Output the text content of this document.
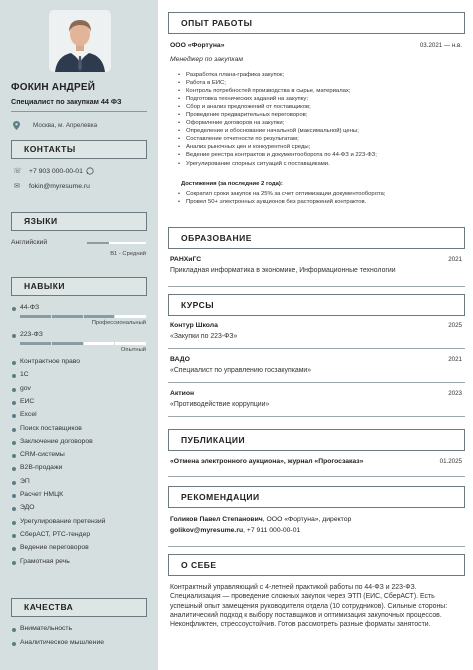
ФОКИН АНДРЕЙ
Специалист по закупкам 44 ФЗ
Москва, м. Апрелевка
КОНТАКТЫ
☏ +7 903 000-00-01
✉ fokin@myresume.ru
ЯЗЫКИ
Английский
B1 - Средний
НАВЫКИ
44-ФЗ
Профессиональный
223-ФЗ
Опытный
Контрактное право
1С
gov
ЕИС
Excel
Поиск поставщиков
Заключение договоров
CRM-системы
B2B-продажи
ЭП
Расчет НМЦК
ЭДО
Урегулирование претензий
СберАСТ, РТС-тендер
Ведение переговоров
Грамотная речь
КАЧЕСТВА
Внимательность
Аналитическое мышление
ОПЫТ РАБОТЫ
ООО «Фортуна»	03.2021 — н.в.
Менеджер по закупкам
• Разработка плана-графика закупок;
• Работа в ЕИС;
• Контроль потребностей производства в сырье, материалах;
• Подготовка технических заданий на закупку;
• Сбор и анализ предложений от поставщиков;
• Проведение предварительных переговоров;
• Оформление договоров на закупки;
• Определение и обоснование начальной (максимальной) цены;
• Составление отчетности по результатам;
• Анализ рыночных цен и конкурентной среды;
• Ведение реестра контрактов и документооборота по 44-ФЗ и 223-ФЗ;
• Урегулирование спорных ситуаций с поставщиками.
Достижения (за последние 2 года):
• Сократил сроки закупок на 25% за счет оптимизации документооборота;
• Провел 50+ электронных аукционов без расторжений контрактов.
ОБРАЗОВАНИЕ
РАНХиГС	2021
Прикладная информатика в экономике, Информационные технологии
КУРСЫ
Контур Школа	2025
«Закупки по 223-ФЗ»
ВАДО	2021
«Специалист по управлению госзакупками»
Актион	2023
«Противодействие коррупции»
ПУБЛИКАЦИИ
«Отмена электронного аукциона», журнал «Прогосзаказ»	01.2025
РЕКОМЕНДАЦИИ
Голиков Павел Степанович, ООО «Фортуна», директор
golikov@myresume.ru, +7 911 000-00-01
О СЕБЕ
Контрактный управляющий с 4-летней практикой работы по 44-ФЗ и 223-ФЗ. Специализация — проведение сложных закупок через ЭТП (ЕИС, СберАСТ). Есть успешный опыт замещения руководителя отдела (10 сотрудников). Сильные стороны: аналитический подход к выбору поставщиков и оптимизация закупочных процессов. Неконфликтен, стрессоустойчив. Готов рассмотреть разные форматы занятости.
